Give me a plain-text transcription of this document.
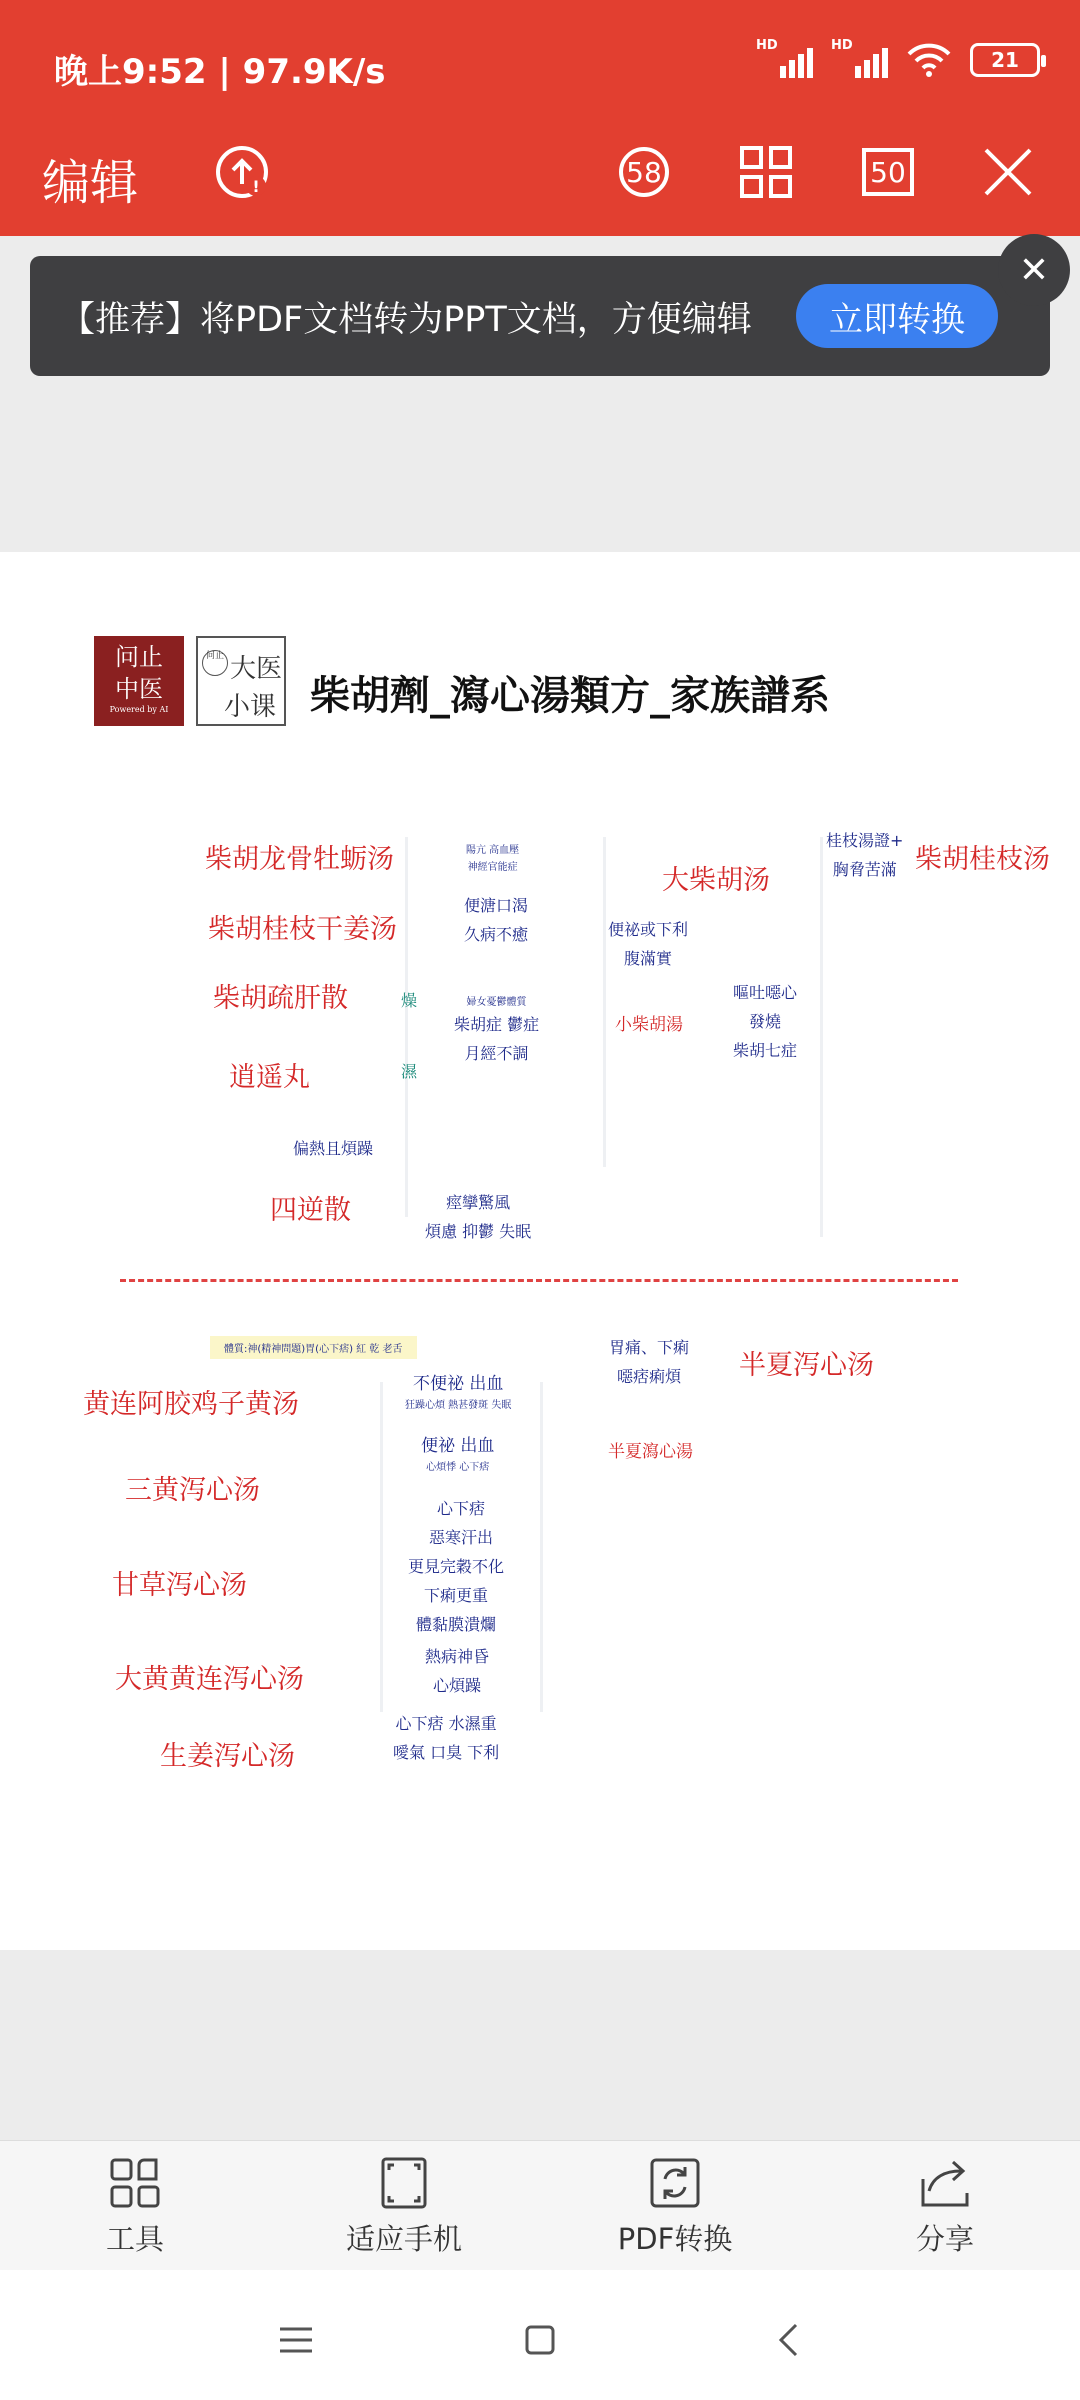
晚上9:52 | 97.9K/s
HD	HD
21
编辑	!	58	50
【推荐】将PDF文档转为PPT文档，方便编辑	立即转换
✕
问止
中医
Powered by AI
问止 大医
小课 柴胡劑_瀉心湯類方_家族譜系
柴胡龙骨牡蛎汤
柴胡桂枝干姜汤
柴胡疏肝散
逍遥丸
四逆散
燥
濕
陽亢 高血壓
神經官能症
便溏口渴
久病不癒
婦女憂鬱體質
柴胡症 鬱症
月經不調
偏熱且煩躁
痙攣驚風
煩慮 抑鬱 失眠
便祕或下利
腹滿實
嘔吐噁心
發燒
柴胡七症
桂枝湯證+
胸脅苦滿
大柴胡汤
小柴胡湯
柴胡桂枝汤
體質:神(精神問題)胃(心下痞) 紅 乾 老舌
黄连阿胶鸡子黄汤
三黄泻心汤
甘草泻心汤
大黄黄连泻心汤
生姜泻心汤
不便祕 出血
狂躁心煩 熱甚發斑 失眠
便祕 出血
心煩悸 心下痞
心下痞
惡寒汗出
更見完穀不化
下痢更重
體黏膜潰爛
熱病神昏
心煩躁
心下痞 水濕重
噯氣 口臭 下利
胃痛、下痢
噁痞痢煩
半夏瀉心湯
半夏泻心汤
工具	适应手机	PDF转换	分享
